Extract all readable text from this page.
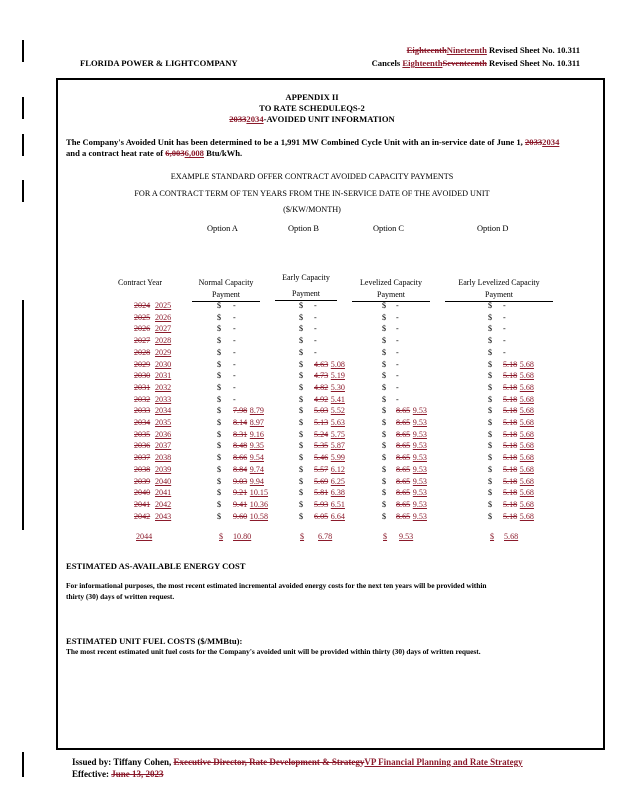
EighteenthNineteenth Revised Sheet No. 10.311
FLORIDA POWER & LIGHTCOMPANY	Cancels EighteenthSeventeenth Revised Sheet No. 10.311
APPENDIX II
TO RATE SCHEDULEQS-2
20332034-AVOIDED UNIT INFORMATION
The Company's Avoided Unit has been determined to be a 1,991 MW Combined Cycle Unit with an in-service date of June 1, 20332034
and a contract heat rate of 6,0036,008 Btu/kWh.
EXAMPLE STANDARD OFFER CONTRACT AVOIDED CAPACITY PAYMENTS
FOR A CONTRACT TERM OF TEN YEARS FROM THE IN-SERVICE DATE OF THE AVOIDED UNIT
($/KW/MONTH)
Option A	Option B	Option C	Option D
Contract Year	Normal Capacity
Payment
Early Capacity
Payment
Levelized Capacity
Payment
Early Levelized Capacity
Payment
2024 2025	$ -	$ -	$ -	$ -
2025 2026	$ -	$ -	$ -	$ -
2026 2027	$ -	$ -	$ -	$ -
2027 2028	$ -	$ -	$ -	$ -
2028 2029	$ -	$ -	$ -	$ -
2029 2030	$ -	$ 4.63 5.08	$ -	$ 5.18 5.68
2030 2031	$ -	$ 4.73 5.19	$ -	$ 5.18 5.68
2031 2032	$ -	$ 4.82 5.30	$ -	$ 5.18 5.68
2032 2033	$ -	$ 4.92 5.41	$ -	$ 5.18 5.68
2033 2034	$ 7.98 8.79	$ 5.03 5.52	$ 8.65 9.53	$ 5.18 5.68
2034 2035	$ 8.14 8.97	$ 5.13 5.63	$ 8.65 9.53	$ 5.18 5.68
2035 2036	$ 8.31 9.16	$ 5.24 5.75	$ 8.65 9.53	$ 5.18 5.68
2036 2037	$ 8.48 9.35	$ 5.35 5.87	$ 8.65 9.53	$ 5.18 5.68
2037 2038	$ 8.66 9.54	$ 5.46 5.99	$ 8.65 9.53	$ 5.18 5.68
2038 2039	$ 8.84 9.74	$ 5.57 6.12	$ 8.65 9.53	$ 5.18 5.68
2039 2040	$ 9.03 9.94	$ 5.69 6.25	$ 8.65 9.53	$ 5.18 5.68
2040 2041	$ 9.21 10.15	$ 5.81 6.38	$ 8.65 9.53	$ 5.18 5.68
2041 2042	$ 9.41 10.36	$ 5.93 6.51	$ 8.65 9.53	$ 5.18 5.68
2042 2043	$ 9.60 10.58	$ 6.05 6.64	$ 8.65 9.53	$ 5.18 5.68
2044	$ 10.80	$ 6.78	$ 9.53	$ 5.68
ESTIMATED AS-AVAILABLE ENERGY COST
For informational purposes, the most recent estimated incremental avoided energy costs for the next ten years will be provided within
thirty (30) days of written request.
ESTIMATED UNIT FUEL COSTS ($/MMBtu):
The most recent estimated unit fuel costs for the Company's avoided unit will be provided within thirty (30) days of written request.
Issued by: Tiffany Cohen, Executive Director, Rate Development & StrategyVP Financial Planning and Rate Strategy
Effective: June 13, 2023
